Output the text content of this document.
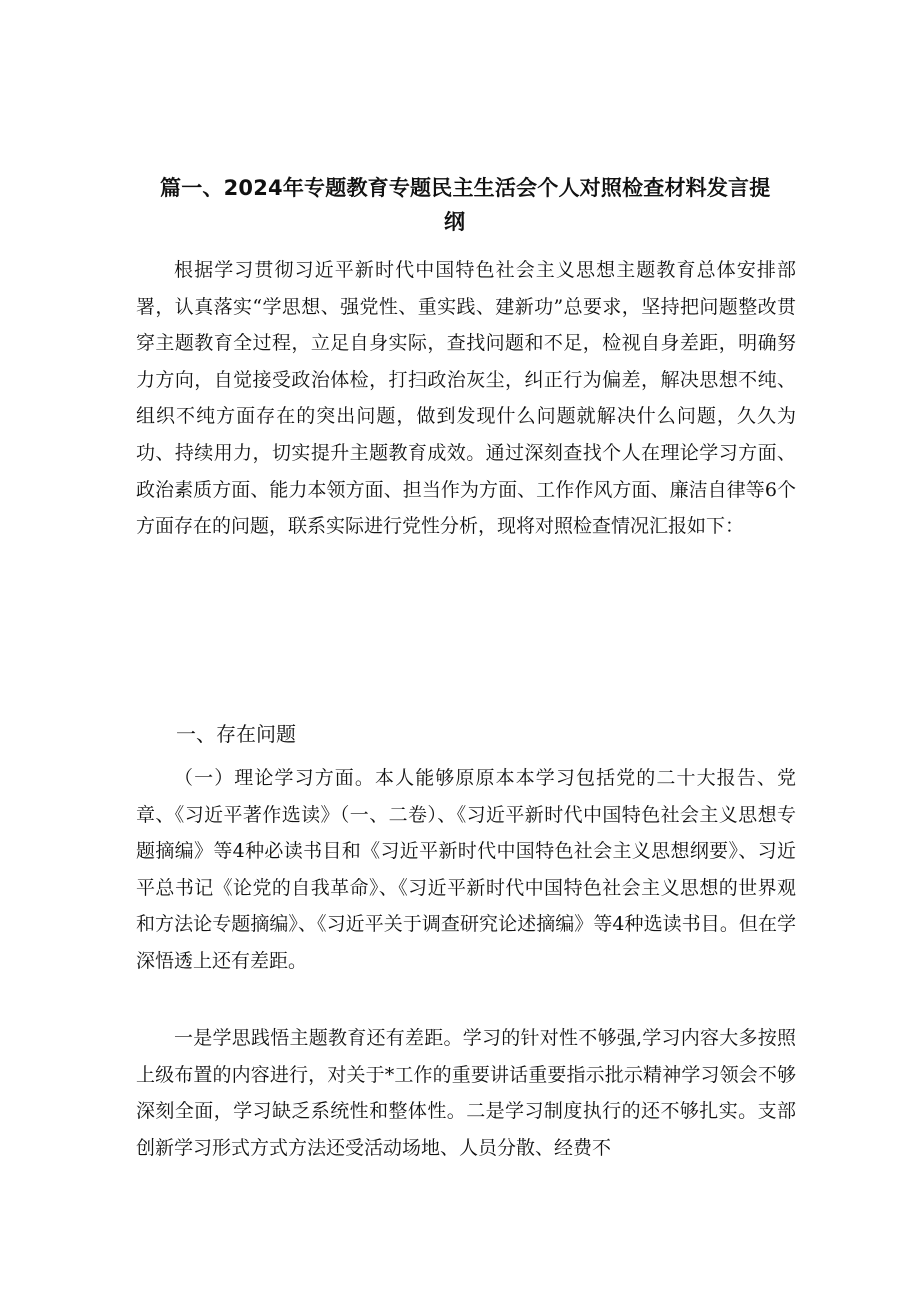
篇一、2024年专题教育专题民主生活会个人对照检查材料发言提
纲

根据学习贯彻习近平新时代中国特色社会主义思想主题教育总体安排部署，认真落实“学思想、强党性、重实践、建新功”总要求，坚持把问题整改贯穿主题教育全过程，立足自身实际，查找问题和不足，检视自身差距，明确努力方向，自觉接受政治体检，打扫政治灰尘，纠正行为偏差，解决思想不纯、组织不纯方面存在的突出问题，做到发现什么问题就解决什么问题，久久为功、持续用力，切实提升主题教育成效。通过深刻查找个人在理论学习方面、政治素质方面、能力本领方面、担当作为方面、工作作风方面、廉洁自律等6个方面存在的问题，联系实际进行党性分析，现将对照检查情况汇报如下：

一、存在问题

（一）理论学习方面。本人能够原原本本学习包括党的二十大报告、党章、《习近平著作选读》（一、二卷）、《习近平新时代中国特色社会主义思想专题摘编》等4种必读书目和《习近平新时代中国特色社会主义思想纲要》、习近平总书记《论党的自我革命》、《习近平新时代中国特色社会主义思想的世界观和方法论专题摘编》、《习近平关于调查研究论述摘编》等4种选读书目。但在学深悟透上还有差距。

一是学思践悟主题教育还有差距。学习的针对性不够强,学习内容大多按照上级布置的内容进行，对关于*工作的重要讲话重要指示批示精神学习领会不够深刻全面，学习缺乏系统性和整体性。二是学习制度执行的还不够扎实。支部创新学习形式方式方法还受活动场地、人员分散、经费不
